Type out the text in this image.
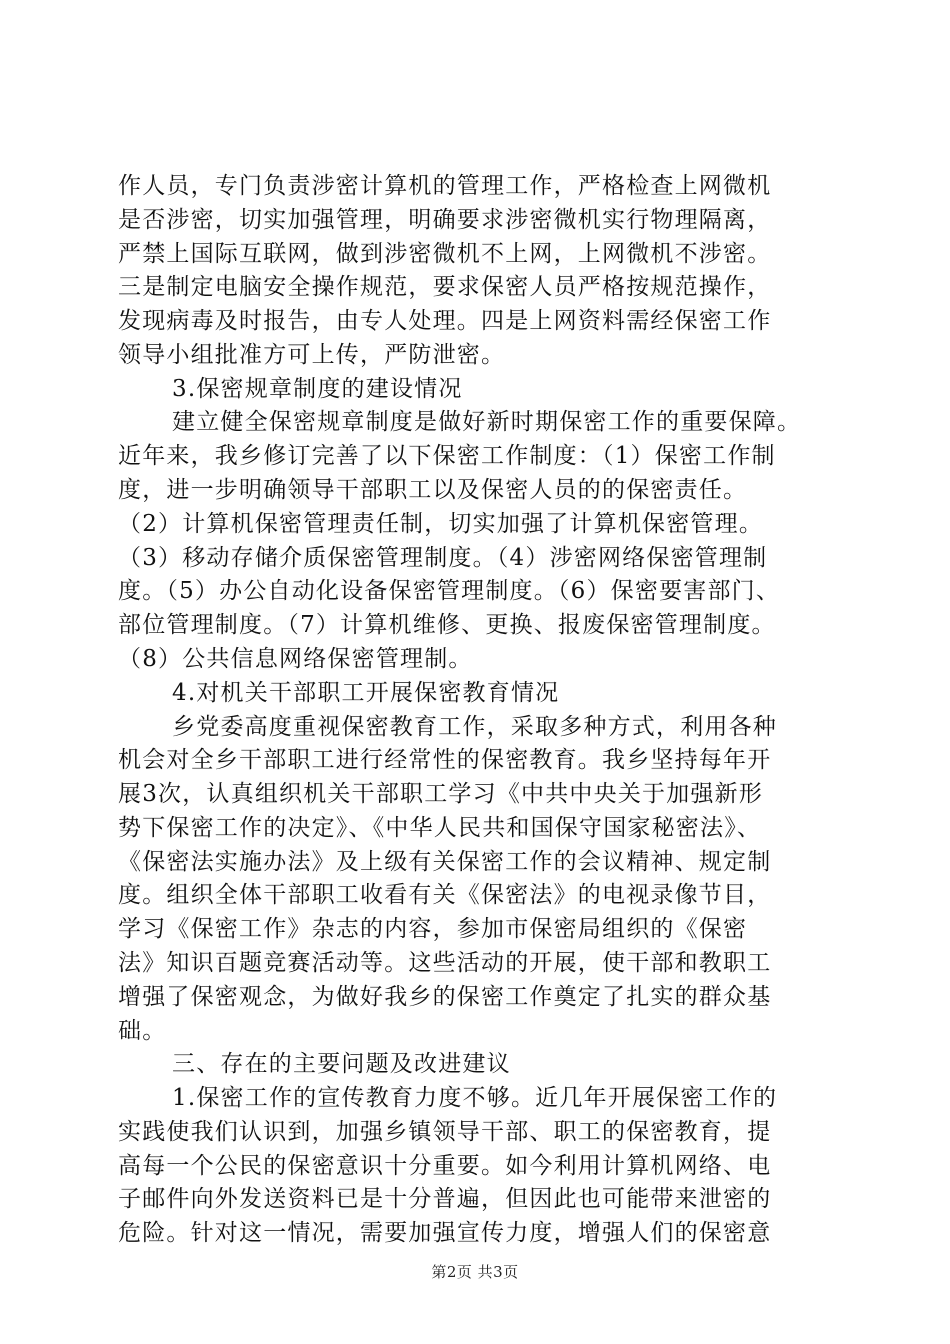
作人员，专门负责涉密计算机的管理工作，严格检查上网微机
是否涉密，切实加强管理，明确要求涉密微机实行物理隔离，
严禁上国际互联网，做到涉密微机不上网，上网微机不涉密。
三是制定电脑安全操作规范，要求保密人员严格按规范操作，
发现病毒及时报告，由专人处理。四是上网资料需经保密工作
领导小组批准方可上传，严防泄密。
3.保密规章制度的建设情况
建立健全保密规章制度是做好新时期保密工作的重要保障。
近年来，我乡修订完善了以下保密工作制度：（1）保密工作制
度，进一步明确领导干部职工以及保密人员的的保密责任。
（2）计算机保密管理责任制，切实加强了计算机保密管理。
（3）移动存储介质保密管理制度。（4）涉密网络保密管理制
度。（5）办公自动化设备保密管理制度。（6）保密要害部门、
部位管理制度。（7）计算机维修、更换、报废保密管理制度。
（8）公共信息网络保密管理制。
4.对机关干部职工开展保密教育情况
乡党委高度重视保密教育工作，采取多种方式，利用各种
机会对全乡干部职工进行经常性的保密教育。我乡坚持每年开
展3次，认真组织机关干部职工学习《中共中央关于加强新形
势下保密工作的决定》、《中华人民共和国保守国家秘密法》、
《保密法实施办法》及上级有关保密工作的会议精神、规定制
度。组织全体干部职工收看有关《保密法》的电视录像节目，
学习《保密工作》杂志的内容，参加市保密局组织的《保密
法》知识百题竞赛活动等。这些活动的开展，使干部和教职工
增强了保密观念，为做好我乡的保密工作奠定了扎实的群众基
础。
三、存在的主要问题及改进建议
1.保密工作的宣传教育力度不够。近几年开展保密工作的
实践使我们认识到，加强乡镇领导干部、职工的保密教育，提
高每一个公民的保密意识十分重要。如今利用计算机网络、电
子邮件向外发送资料已是十分普遍，但因此也可能带来泄密的
危险。针对这一情况，需要加强宣传力度，增强人们的保密意
第2页 共3页
